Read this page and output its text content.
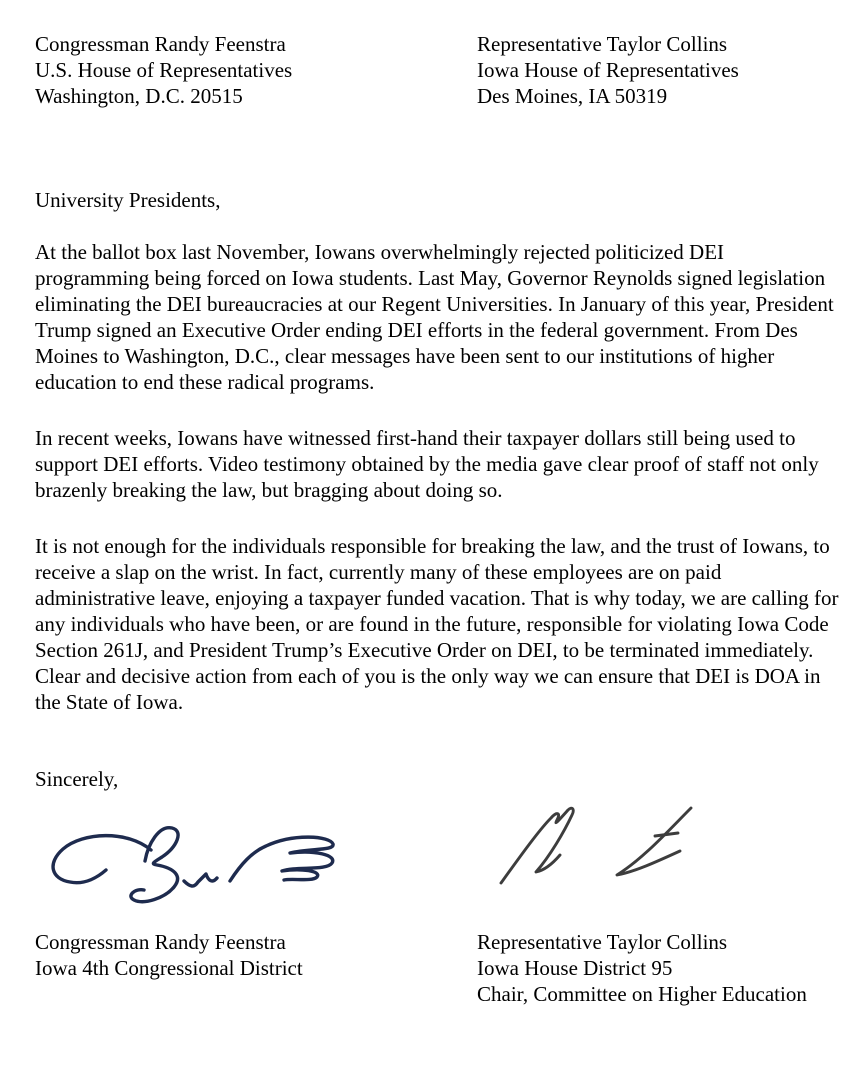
Congressman Randy Feenstra
U.S. House of Representatives
Washington, D.C. 20515
Representative Taylor Collins
Iowa House of Representatives
Des Moines, IA 50319
University Presidents,

At the ballot box last November, Iowans overwhelmingly rejected politicized DEI programming being forced on Iowa students. Last May, Governor Reynolds signed legislation eliminating the DEI bureaucracies at our Regent Universities. In January of this year, President Trump signed an Executive Order ending DEI efforts in the federal government. From Des Moines to Washington, D.C., clear messages have been sent to our institutions of higher education to end these radical programs.

In recent weeks, Iowans have witnessed first-hand their taxpayer dollars still being used to support DEI efforts. Video testimony obtained by the media gave clear proof of staff not only brazenly breaking the law, but bragging about doing so.

It is not enough for the individuals responsible for breaking the law, and the trust of Iowans, to receive a slap on the wrist. In fact, currently many of these employees are on paid administrative leave, enjoying a taxpayer funded vacation. That is why today, we are calling for any individuals who have been, or are found in the future, responsible for violating Iowa Code Section 261J, and President Trump’s Executive Order on DEI, to be terminated immediately. Clear and decisive action from each of you is the only way we can ensure that DEI is DOA in the State of Iowa.

Sincerely,
Congressman Randy Feenstra
Iowa 4th Congressional District
Representative Taylor Collins
Iowa House District 95
Chair, Committee on Higher Education
